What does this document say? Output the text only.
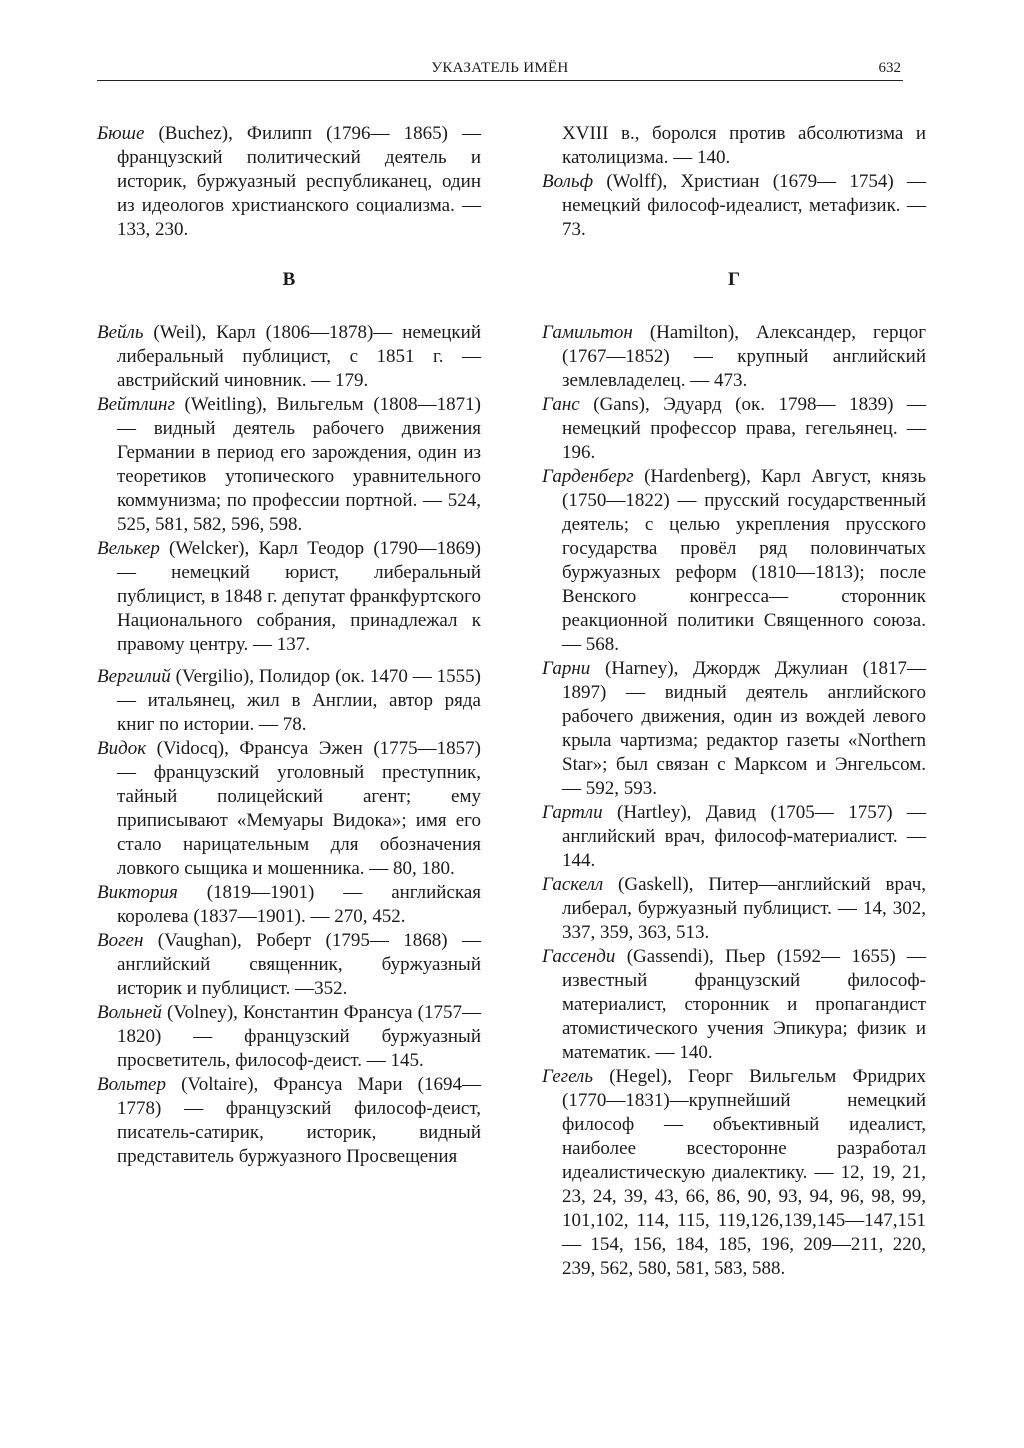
УКАЗАТЕЛЬ ИМЁН	632

Бюше (Buchez), Филипп (1796— 1865) — французский политический деятель и историк, буржуазный республиканец, один из идеологов христианского социализма. — 133, 230.

В

Вейль (Weil), Карл (1806—1878)— немецкий либеральный публицист, с 1851 г. — австрийский чиновник. — 179.

Вейтлинг (Weitling), Вильгельм (1808—1871) — видный деятель рабочего движения Германии в период его зарождения, один из теоретиков утопического уравнительного коммунизма; по профессии портной. — 524, 525, 581, 582, 596, 598.

Велькер (Welcker), Карл Теодор (1790—1869) — немецкий юрист, либеральный публицист, в 1848 г. депутат франкфуртского Национального собрания, принадлежал к правому центру. — 137.

Вергилий (Vergilio), Полидор (ок. 1470 — 1555) — итальянец, жил в Англии, автор ряда книг по истории. — 78.

Видок (Vidocq), Франсуа Эжен (1775—1857) — французский уголовный преступник, тайный полицейский агент; ему приписывают «Мемуары Видока»; имя его стало нарицательным для обозначения ловкого сыщика и мошенника. — 80, 180.

Виктория (1819—1901) — английская королева (1837—1901). — 270, 452.

Воген (Vaughan), Роберт (1795— 1868) — английский священник, буржуазный историк и публицист. —352.

Вольней (Volney), Константин Франсуа (1757—1820) — французский буржуазный просветитель, философ-деист. — 145.

Вольтер (Voltaire), Франсуа Мари (1694—1778) — французский философ-деист, писатель-сатирик, историк, видный представитель буржуазного Просвещения

XVIII в., боролся против абсолютизма и католицизма. — 140.

Вольф (Wolff), Христиан (1679— 1754) — немецкий философ-идеалист, метафизик. — 73.

Г

Гамильтон (Hamilton), Александер, герцог (1767—1852) — крупный английский землевладелец. — 473.

Ганс (Gans), Эдуард (ок. 1798— 1839) — немецкий профессор права, гегельянец. — 196.

Гарденберг (Hardenberg), Карл Август, князь (1750—1822) — прусский государственный деятель; с целью укрепления прусского государства провёл ряд половинчатых буржуазных реформ (1810—1813); после Венского конгресса— сторонник реакционной политики Священного союза. — 568.

Гарни (Harney), Джордж Джулиан (1817—1897) — видный деятель английского рабочего движения, один из вождей левого крыла чартизма; редактор газеты «Northern Star»; был связан с Марксом и Энгельсом. — 592, 593.

Гартли (Hartley), Давид (1705— 1757) — английский врач, философ-материалист. — 144.

Гаскелл (Gaskell), Питер—английский врач, либерал, буржуазный публицист. — 14, 302, 337, 359, 363, 513.

Гассенди (Gassendi), Пьер (1592— 1655) — известный французский философ-материалист, сторонник и пропагандист атомистического учения Эпикура; физик и математик. — 140.

Гегель (Hegel), Георг Вильгельм Фридрих (1770—1831)—крупнейший немецкий философ — объективный идеалист, наиболее всесторонне разработал идеалистическую диалектику. — 12, 19, 21, 23, 24, 39, 43, 66, 86, 90, 93, 94, 96, 98, 99, 101,102, 114, 115, 119,126,139,145—147,151— 154, 156, 184, 185, 196, 209—211, 220, 239, 562, 580, 581, 583, 588.
